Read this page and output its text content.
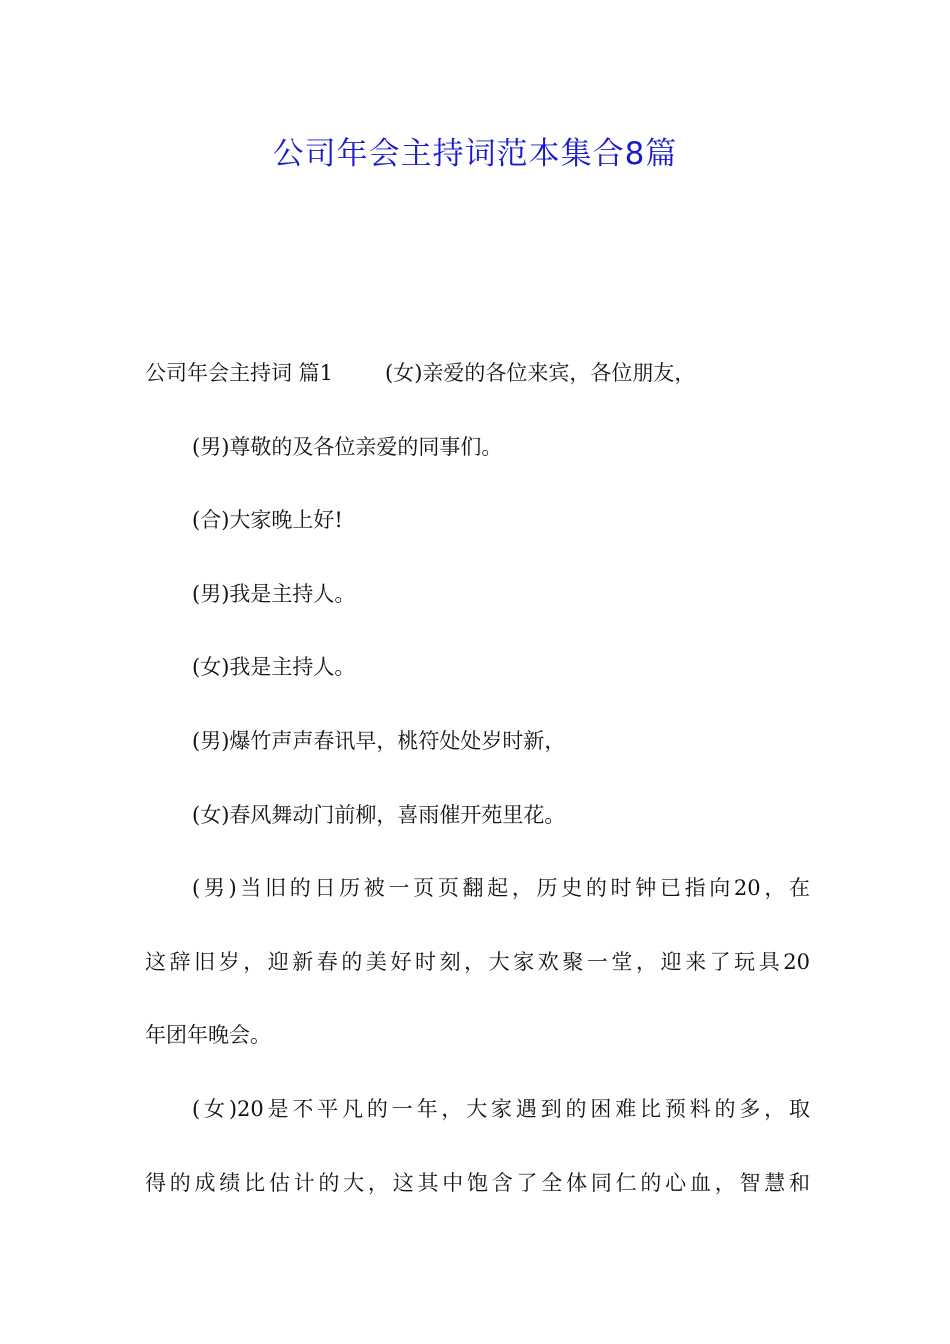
公司年会主持词范本集合8篇

公司年会主持词 篇1 (女)亲爱的各位来宾，各位朋友，

(男)尊敬的及各位亲爱的同事们。

(合)大家晚上好!

(男)我是主持人。

(女)我是主持人。

(男)爆竹声声春讯早，桃符处处岁时新，

(女)春风舞动门前柳，喜雨催开苑里花。

(男)当旧的日历被一页页翻起，历史的时钟已指向20，在

这辞旧岁，迎新春的美好时刻，大家欢聚一堂，迎来了玩具20

年团年晚会。

(女)20是不平凡的一年，大家遇到的困难比预料的多，取

得的成绩比估计的大，这其中饱含了全体同仁的心血，智慧和
